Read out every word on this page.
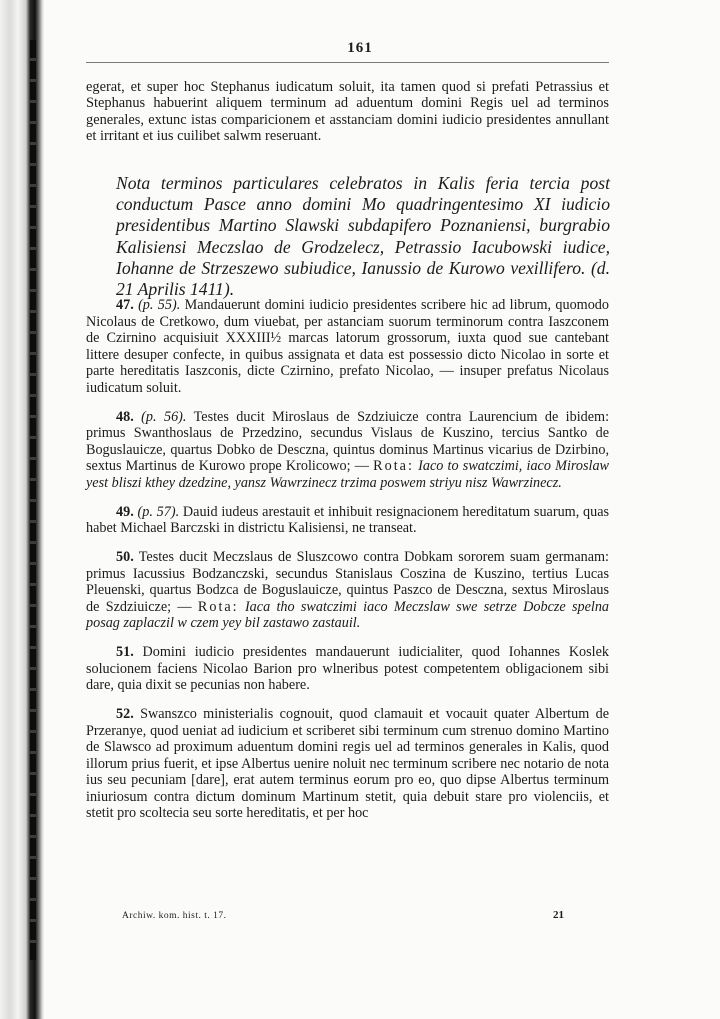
161

egerat, et super hoc Stephanus iudicatum soluit, ita tamen quod si prefati Petrassius et Stephanus habuerint aliquem terminum ad aduentum domini Regis uel ad terminos generales, extunc istas comparicionem et asstanciam domini iudicio presidentes annullant et irritant et ius cuilibet salwm reseruant.

Nota terminos particulares celebratos in Kalis feria tercia post conductum Pasce anno domini Mo quadringentesimo XI iudicio presidentibus Martino Slawski subdapifero Poznaniensi, burgrabio Kalisiensi Meczslao de Grodzelecz, Petrassio Iacubowski iudice, Iohanne de Strzeszewo subiudice, Ianussio de Kurowo vexillifero. (d. 21 Aprilis 1411).

47. (p. 55). Mandauerunt domini iudicio presidentes scribere hic ad librum, quomodo Nicolaus de Cretkowo, dum viuebat, per astanciam suorum terminorum contra Iaszconem de Czirnino acquisiuit XXXIII½ marcas latorum grossorum, iuxta quod sue cantebant littere desuper confecte, in quibus assignata et data est possessio dicto Nicolao in sorte et parte hereditatis Iaszconis, dicte Czirnino, prefato Nicolao, — insuper prefatus Nicolaus iudicatum soluit.

48. (p. 56). Testes ducit Miroslaus de Szdziuicze contra Laurencium de ibidem: primus Swanthoslaus de Przedzino, secundus Vislaus de Kuszino, tercius Santko de Boguslauicze, quartus Dobko de Desczna, quintus dominus Martinus vicarius de Dzirbino, sextus Martinus de Kurowo prope Krolicowo; — Rota: Iaco to swatczimi, iaco Miroslaw yest bliszi kthey dzedzine, yansz Wawrzinecz trzima poswem striyu nisz Wawrzinecz.

49. (p. 57). Dauid iudeus arestauit et inhibuit resignacionem hereditatum suarum, quas habet Michael Barczski in districtu Kalisiensi, ne transeat.

50. Testes ducit Meczslaus de Sluszcowo contra Dobkam sororem suam germanam: primus Iacussius Bodzanczski, secundus Stanislaus Coszina de Kuszino, tertius Lucas Pleuenski, quartus Bodzca de Boguslauicze, quintus Paszco de Desczna, sextus Miroslaus de Szdziuicze; — Rota: Iaca tho swatczimi iaco Meczslaw swe setrze Dobcze spelna posag zaplaczil w czem yey bil zastawo zastauil.

51. Domini iudicio presidentes mandauerunt iudicialiter, quod Iohannes Koslek solucionem faciens Nicolao Barion pro wlneribus potest competentem obligacionem sibi dare, quia dixit se pecunias non habere.

52. Swanszco ministerialis cognouit, quod clamauit et vocauit quater Albertum de Przeranye, quod ueniat ad iudicium et scriberet sibi terminum cum strenuo domino Martino de Slawsco ad proximum aduentum domini regis uel ad terminos generales in Kalis, quod illorum prius fuerit, et ipse Albertus uenire noluit nec terminum scribere nec notario de nota ius seu pecuniam [dare], erat autem terminus eorum pro eo, quo dipse Albertus terminum iniuriosum contra dictum dominum Martinum stetit, quia debuit stare pro violenciis, et stetit pro scoltecia seu sorte hereditatis, et per hoc

Archiw. kom. hist. t. 17.	21
